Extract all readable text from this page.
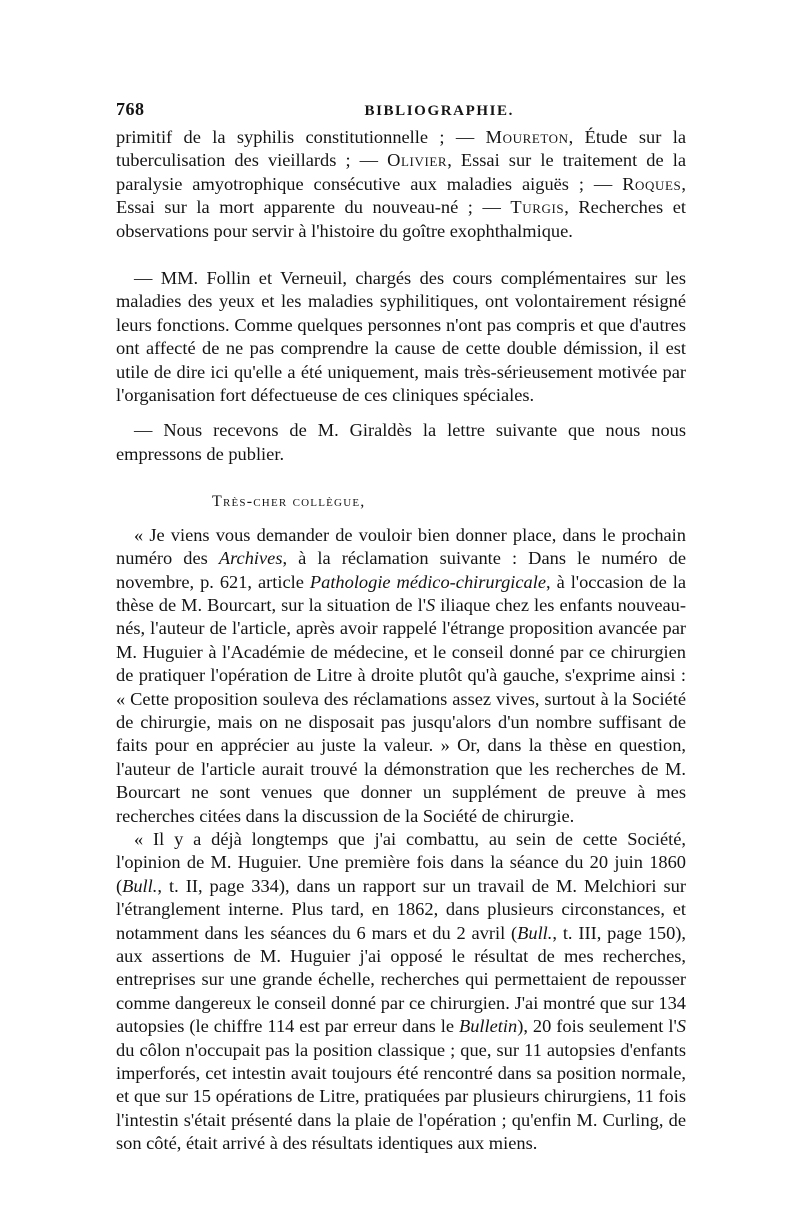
768	BIBLIOGRAPHIE.

primitif de la syphilis constitutionnelle ; — Moureton, Étude sur la tuberculisation des vieillards ; — Olivier, Essai sur le traitement de la paralysie amyotrophique consécutive aux maladies aiguës ; — Roques, Essai sur la mort apparente du nouveau-né ; — Turgis, Recherches et observations pour servir à l'histoire du goître exophthalmique.

— MM. Follin et Verneuil, chargés des cours complémentaires sur les maladies des yeux et les maladies syphilitiques, ont volontairement résigné leurs fonctions. Comme quelques personnes n'ont pas compris et que d'autres ont affecté de ne pas comprendre la cause de cette double démission, il est utile de dire ici qu'elle a été uniquement, mais très-sérieusement motivée par l'organisation fort défectueuse de ces cliniques spéciales.

— Nous recevons de M. Giraldès la lettre suivante que nous nous empressons de publier.

Très-cher collègue,

« Je viens vous demander de vouloir bien donner place, dans le prochain numéro des Archives, à la réclamation suivante : Dans le numéro de novembre, p. 621, article Pathologie médico-chirurgicale, à l'occasion de la thèse de M. Bourcart, sur la situation de l'S iliaque chez les enfants nouveau-nés, l'auteur de l'article, après avoir rappelé l'étrange proposition avancée par M. Huguier à l'Académie de médecine, et le conseil donné par ce chirurgien de pratiquer l'opération de Litre à droite plutôt qu'à gauche, s'exprime ainsi : « Cette proposition souleva des réclamations assez vives, surtout à la Société de chirurgie, mais on ne disposait pas jusqu'alors d'un nombre suffisant de faits pour en apprécier au juste la valeur. » Or, dans la thèse en question, l'auteur de l'article aurait trouvé la démonstration que les recherches de M. Bourcart ne sont venues que donner un supplément de preuve à mes recherches citées dans la discussion de la Société de chirurgie.

« Il y a déjà longtemps que j'ai combattu, au sein de cette Société, l'opinion de M. Huguier. Une première fois dans la séance du 20 juin 1860 (Bull., t. II, page 334), dans un rapport sur un travail de M. Melchiori sur l'étranglement interne. Plus tard, en 1862, dans plusieurs circonstances, et notamment dans les séances du 6 mars et du 2 avril (Bull., t. III, page 150), aux assertions de M. Huguier j'ai opposé le résultat de mes recherches, entreprises sur une grande échelle, recherches qui permettaient de repousser comme dangereux le conseil donné par ce chirurgien. J'ai montré que sur 134 autopsies (le chiffre 114 est par erreur dans le Bulletin), 20 fois seulement l'S du côlon n'occupait pas la position classique ; que, sur 11 autopsies d'enfants imperforés, cet intestin avait toujours été rencontré dans sa position normale, et que sur 15 opérations de Litre, pratiquées par plusieurs chirurgiens, 11 fois l'intestin s'était présenté dans la plaie de l'opération ; qu'enfin M. Curling, de son côté, était arrivé à des résultats identiques aux miens.
